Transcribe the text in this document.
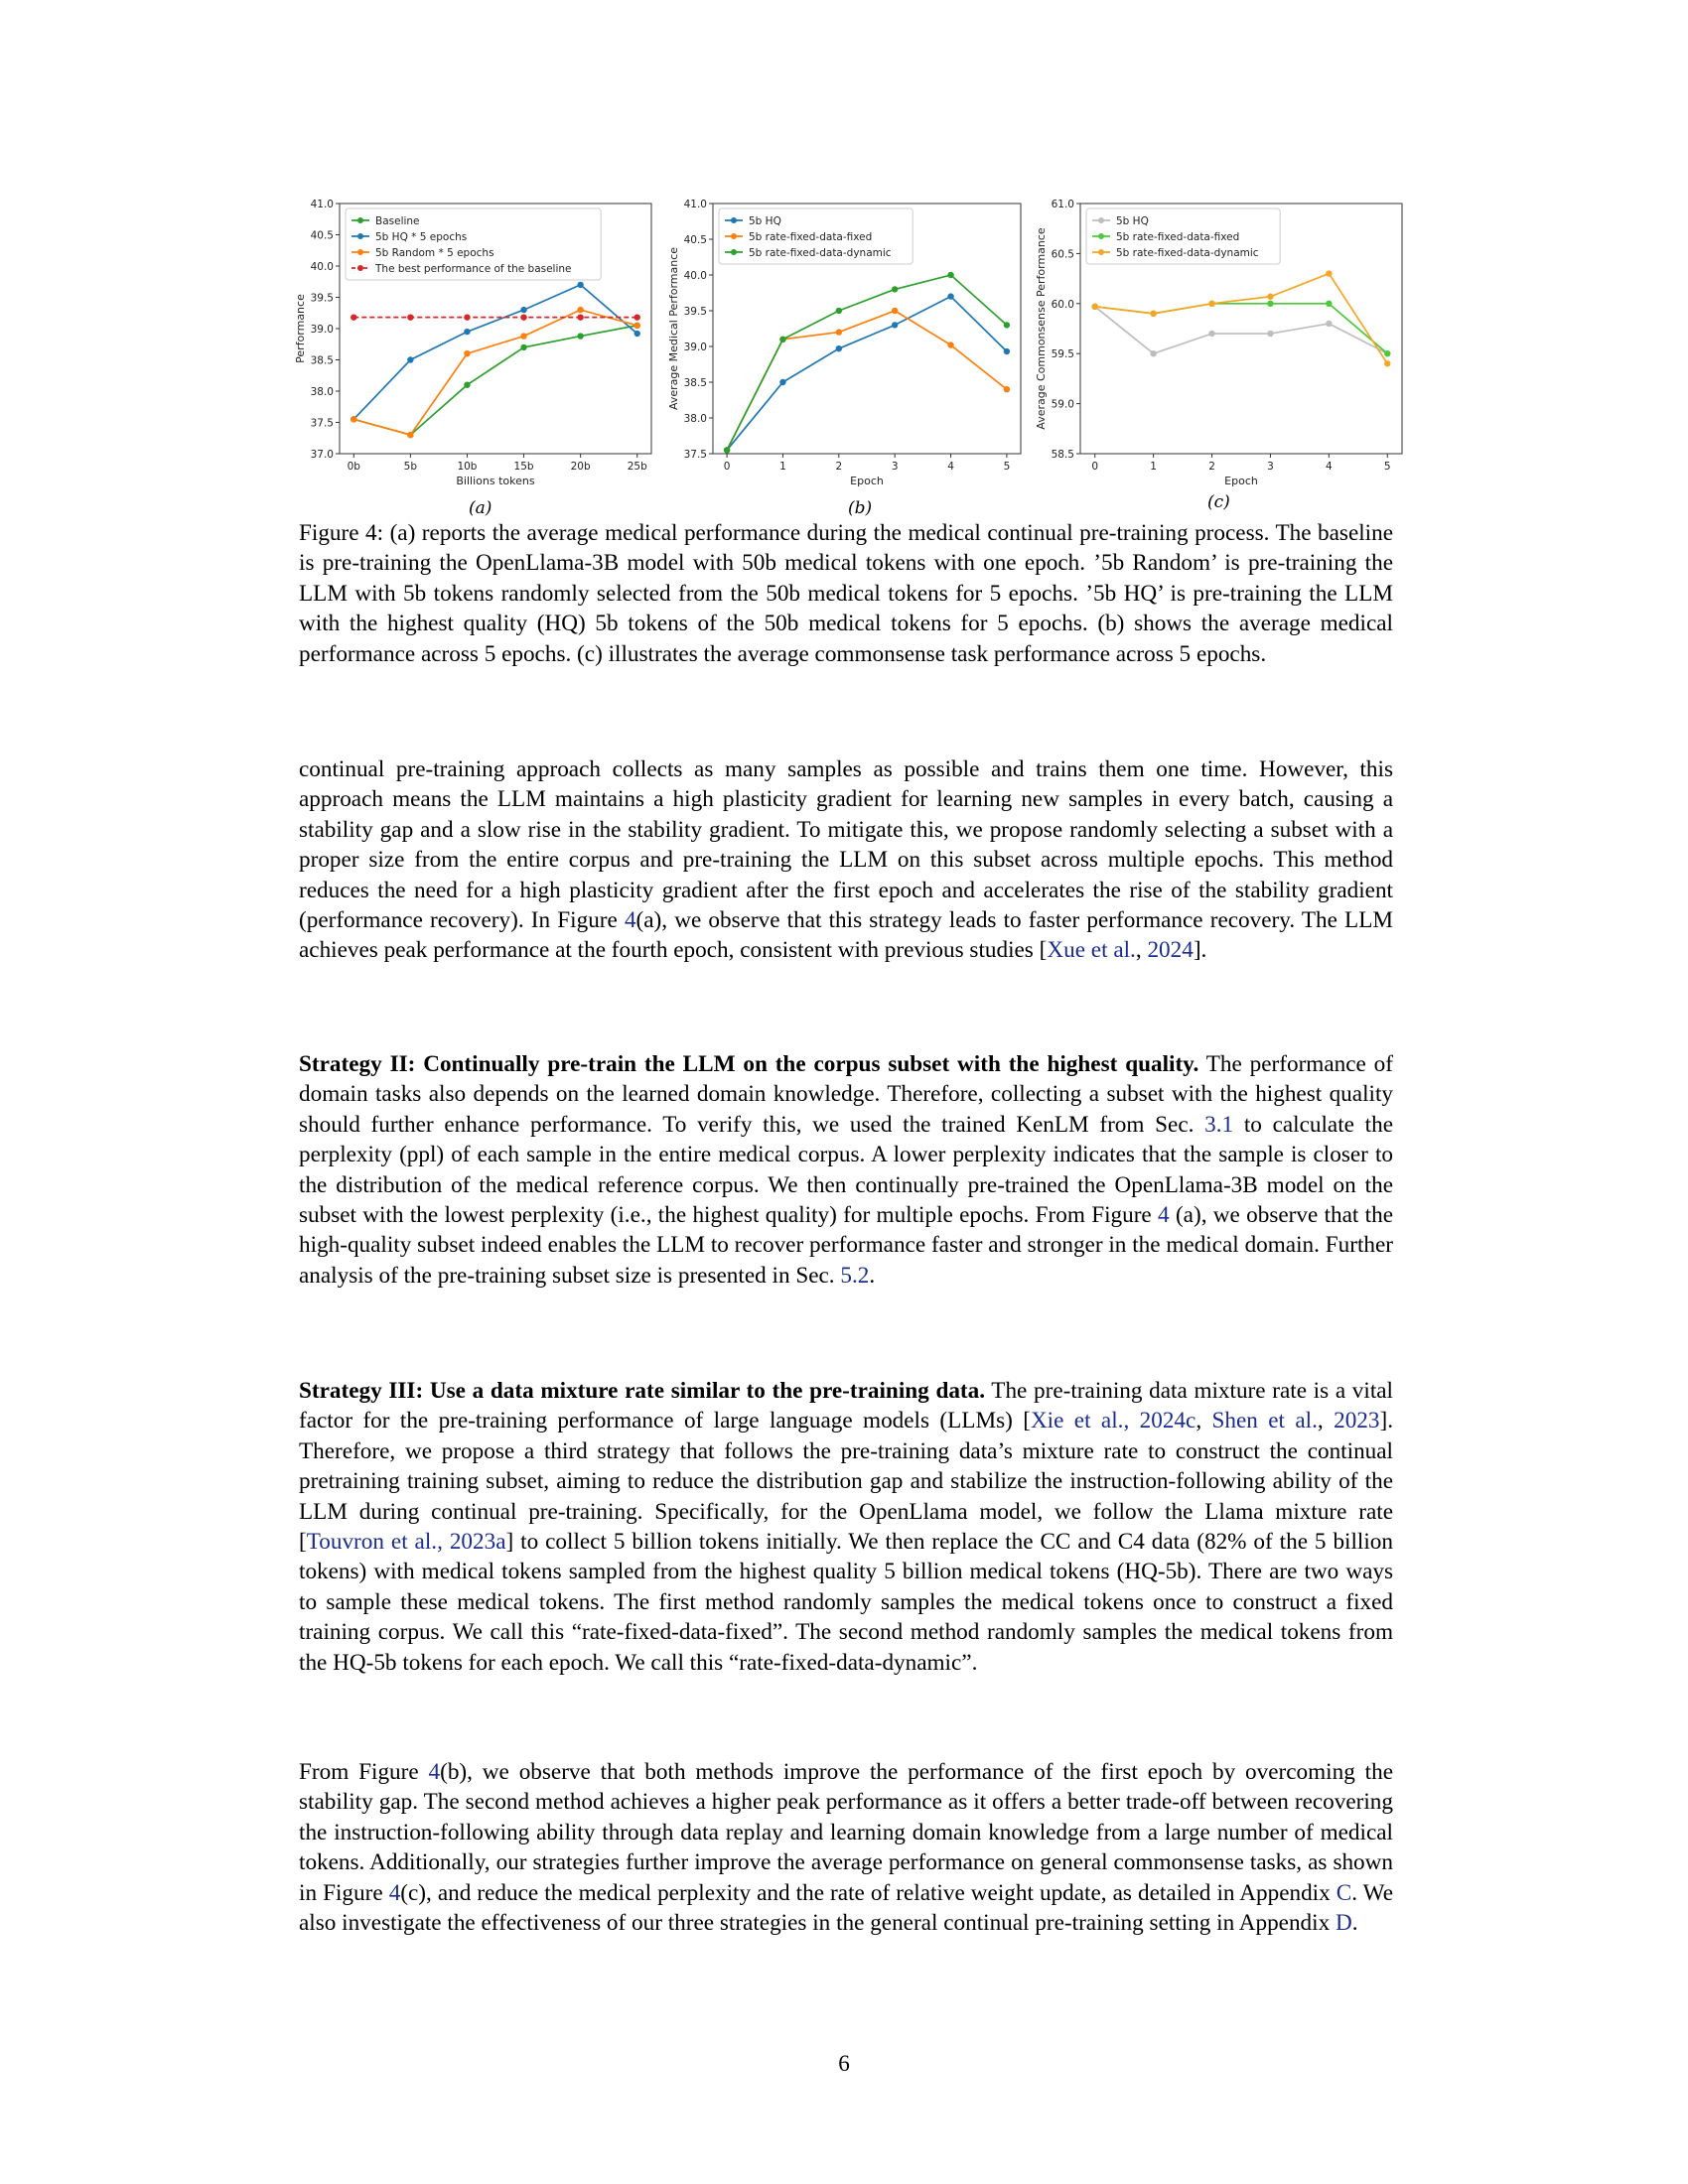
37.0
37.5
38.0
38.5
39.0
39.5
40.0
40.5
41.0
0b	5b	10b	15b	20b	25b
Billions tokens
Performance
Baseline
5b HQ * 5 epochs
5b Random * 5 epochs
The best performance of the baseline
(a)
37.5
38.0
38.5
39.0
39.5
40.0
40.5
41.0
0	1	2	3	4	5
Epoch
Average Medical Performance
5b HQ
5b rate-fixed-data-fixed
5b rate-fixed-data-dynamic
(b)
58.5
59.0
59.5
60.0
60.5
61.0
0	1	2	3	4	5
Epoch
Average Commonsense Performance
5b HQ
5b rate-fixed-data-fixed
5b rate-fixed-data-dynamic
(c)
Figure 4: (a) reports the average medical performance during the medical continual pre-training process. The baseline is pre-training the OpenLlama-3B model with 50b medical tokens with one epoch. ’5b Random’ is pre-training the LLM with 5b tokens randomly selected from the 50b medical tokens for 5 epochs. ’5b HQ’ is pre-training the LLM with the highest quality (HQ) 5b tokens of the 50b medical tokens for 5 epochs. (b) shows the average medical performance across 5 epochs. (c) illustrates the average commonsense task performance across 5 epochs.

continual pre-training approach collects as many samples as possible and trains them one time. However, this approach means the LLM maintains a high plasticity gradient for learning new samples in every batch, causing a stability gap and a slow rise in the stability gradient. To mitigate this, we propose randomly selecting a subset with a proper size from the entire corpus and pre-training the LLM on this subset across multiple epochs. This method reduces the need for a high plasticity gradient after the first epoch and accelerates the rise of the stability gradient (performance recovery). In Figure 4(a), we observe that this strategy leads to faster performance recovery. The LLM achieves peak performance at the fourth epoch, consistent with previous studies [Xue et al., 2024].

Strategy II: Continually pre-train the LLM on the corpus subset with the highest quality. The performance of domain tasks also depends on the learned domain knowledge. Therefore, collecting a subset with the highest quality should further enhance performance. To verify this, we used the trained KenLM from Sec. 3.1 to calculate the perplexity (ppl) of each sample in the entire medical corpus. A lower perplexity indicates that the sample is closer to the distribution of the medical reference corpus. We then continually pre-trained the OpenLlama-3B model on the subset with the lowest perplexity (i.e., the highest quality) for multiple epochs. From Figure 4 (a), we observe that the high-quality subset indeed enables the LLM to recover performance faster and stronger in the medical domain. Further analysis of the pre-training subset size is presented in Sec. 5.2.

Strategy III: Use a data mixture rate similar to the pre-training data. The pre-training data mixture rate is a vital factor for the pre-training performance of large language models (LLMs) [Xie et al., 2024c, Shen et al., 2023]. Therefore, we propose a third strategy that follows the pre-training data’s mixture rate to construct the continual pretraining training subset, aiming to reduce the distribution gap and stabilize the instruction-following ability of the LLM during continual pre-training. Specifically, for the OpenLlama model, we follow the Llama mixture rate [Touvron et al., 2023a] to collect 5 billion tokens initially. We then replace the CC and C4 data (82% of the 5 billion tokens) with medical tokens sampled from the highest quality 5 billion medical tokens (HQ-5b). There are two ways to sample these medical tokens. The first method randomly samples the medical tokens once to construct a fixed training corpus. We call this “rate-fixed-data-fixed”. The second method randomly samples the medical tokens from the HQ-5b tokens for each epoch. We call this “rate-fixed-data-dynamic”.

From Figure 4(b), we observe that both methods improve the performance of the first epoch by overcoming the stability gap. The second method achieves a higher peak performance as it offers a better trade-off between recovering the instruction-following ability through data replay and learning domain knowledge from a large number of medical tokens. Additionally, our strategies further improve the average performance on general commonsense tasks, as shown in Figure 4(c), and reduce the medical perplexity and the rate of relative weight update, as detailed in Appendix C. We also investigate the effectiveness of our three strategies in the general continual pre-training setting in Appendix D.

6
